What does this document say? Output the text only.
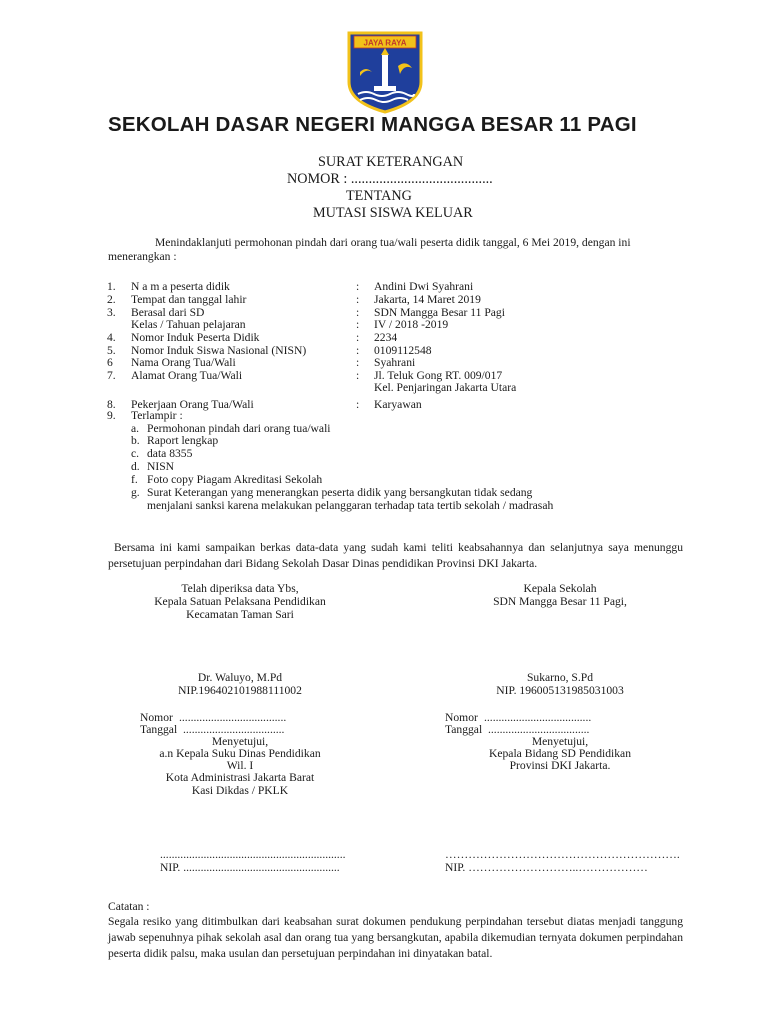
JAYA RAYA
SEKOLAH DASAR NEGERI MANGGA BESAR 11 PAGI
SURAT KETERANGAN
NOMOR : ........................................
TENTANG
MUTASI SISWA KELUAR
Menindaklanjuti permohonan pindah dari orang tua/wali peserta didik tanggal, 6 Mei 2019, dengan ini
menerangkan :
1. N a m a peserta didik	: Andini Dwi Syahrani
2. Tempat dan tanggal lahir	: Jakarta, 14 Maret 2019
3. Berasal dari SD	: SDN Mangga Besar 11 Pagi
Kelas / Tahuan pelajaran	: IV / 2018 -2019
4. Nomor Induk Peserta Didik	: 2234
5. Nomor Induk Siswa Nasional (NISN)	: 0109112548
6 Nama Orang Tua/Wali	: Syahrani
7. Alamat Orang Tua/Wali	: Jl. Teluk Gong RT. 009/017
Kel. Penjaringan Jakarta Utara
8. Pekerjaan Orang Tua/Wali	: Karyawan
9. Terlampir :
a. Permohonan pindah dari orang tua/wali
b. Raport lengkap
c. data 8355
d. NISN
f. Foto copy Piagam Akreditasi Sekolah
g. Surat Keterangan yang menerangkan peserta didik yang bersangkutan tidak sedang
menjalani sanksi karena melakukan pelanggaran terhadap tata tertib sekolah / madrasah
Bersama ini kami sampaikan berkas data-data yang sudah kami teliti keabsahannya dan selanjutnya saya menunggu persetujuan perpindahan dari Bidang Sekolah Dasar Dinas pendidikan Provinsi DKI Jakarta.
Telah diperiksa data Ybs,
Kepala Satuan Pelaksana Pendidikan
Kecamatan Taman Sari
Dr. Waluyo, M.Pd
NIP.196402101988111002
Kepala Sekolah
SDN Mangga Besar 11 Pagi,
Sukarno, S.Pd
NIP. 196005131985031003
Nomor .....................................
Tanggal ...................................
Nomor .....................................
Tanggal ...................................
Menyetujui,
a.n Kepala Suku Dinas Pendidikan
Wil. I
Kota Administrasi Jakarta Barat
Kasi Dikdas / PKLK
Menyetujui,
Kepala Bidang SD Pendidikan
Provinsi DKI Jakarta.
................................................................
NIP. ......................................................
…………………………………………………….
NIP. ………………………..………………
Catatan :
Segala resiko yang ditimbulkan dari keabsahan surat dokumen pendukung perpindahan tersebut diatas menjadi tanggung jawab sepenuhnya pihak sekolah asal dan orang tua yang bersangkutan, apabila dikemudian ternyata dokumen perpindahan peserta didik palsu, maka usulan dan persetujuan perpindahan ini dinyatakan batal.
